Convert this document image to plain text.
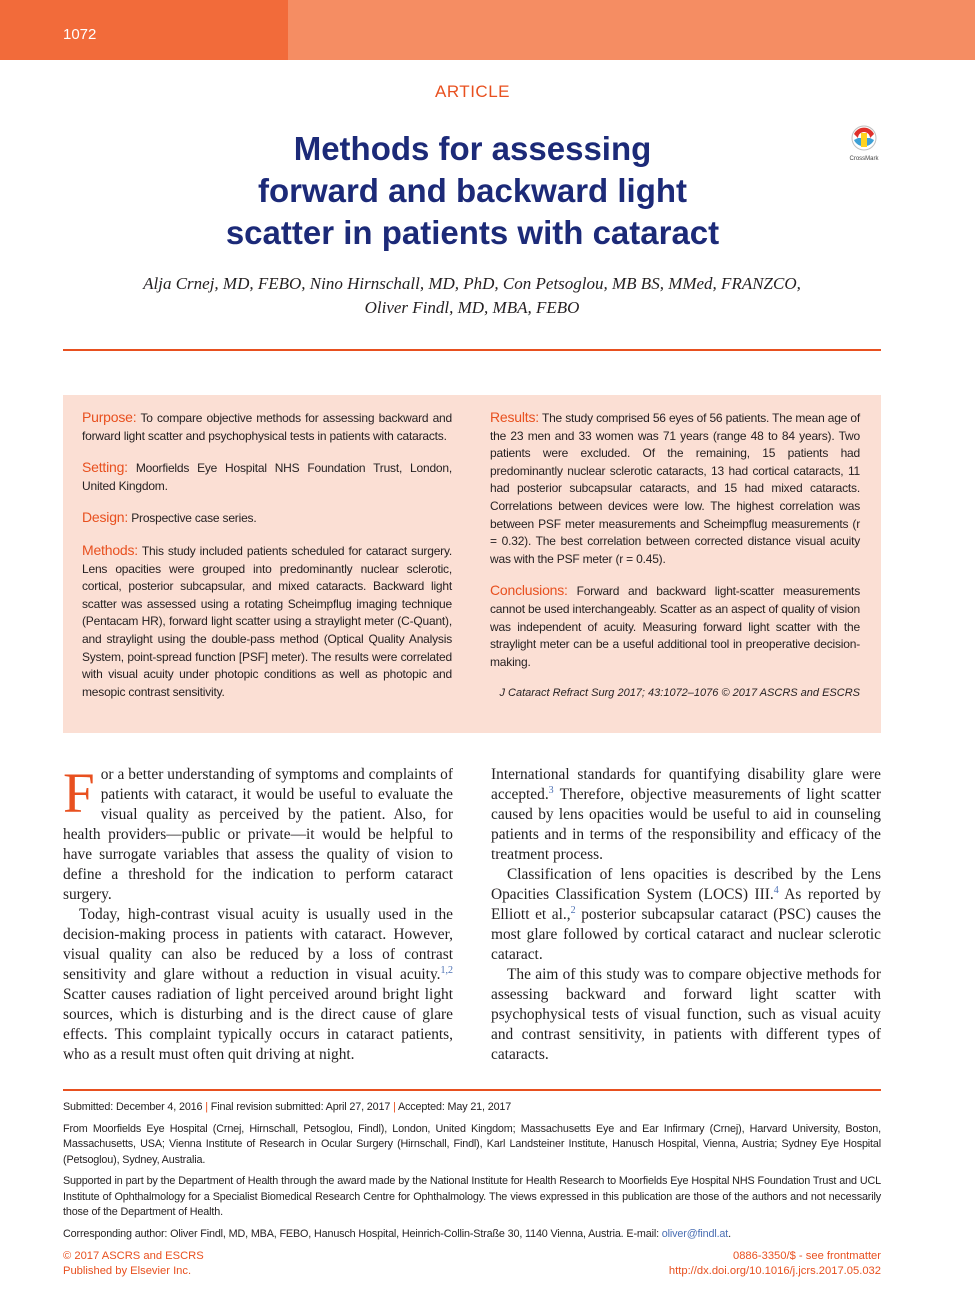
1072
ARTICLE
Methods for assessing
forward and backward light
scatter in patients with cataract
CrossMark
Alja Crnej, MD, FEBO, Nino Hirnschall, MD, PhD, Con Petsoglou, MB BS, MMed, FRANZCO,
Oliver Findl, MD, MBA, FEBO

Purpose: To compare objective methods for assessing backward and forward light scatter and psychophysical tests in patients with cataracts.

Setting: Moorfields Eye Hospital NHS Foundation Trust, London, United Kingdom.

Design: Prospective case series.

Methods: This study included patients scheduled for cataract surgery. Lens opacities were grouped into predominantly nuclear sclerotic, cortical, posterior subcapsular, and mixed cataracts. Backward light scatter was assessed using a rotating Scheimpflug imaging technique (Pentacam HR), forward light scatter using a straylight meter (C-Quant), and straylight using the double-pass method (Optical Quality Analysis System, point-spread function [PSF] meter). The results were correlated with visual acuity under photopic conditions as well as photopic and mesopic contrast sensitivity.

Results: The study comprised 56 eyes of 56 patients. The mean age of the 23 men and 33 women was 71 years (range 48 to 84 years). Two patients were excluded. Of the remaining, 15 patients had predominantly nuclear sclerotic cataracts, 13 had cortical cataracts, 11 had posterior subcapsular cataracts, and 15 had mixed cataracts. Correlations between devices were low. The highest correlation was between PSF meter measurements and Scheimpflug measurements (r = 0.32). The best correlation between corrected distance visual acuity was with the PSF meter (r = 0.45).

Conclusions: Forward and backward light-scatter measurements cannot be used interchangeably. Scatter as an aspect of quality of vision was independent of acuity. Measuring forward light scatter with the straylight meter can be a useful additional tool in preoperative decision-making.

J Cataract Refract Surg 2017; 43:1072–1076 © 2017 ASCRS and ESCRS

For a better understanding of symptoms and complaints of patients with cataract, it would be useful to evaluate the visual quality as perceived by the patient. Also, for health providers—public or private—it would be helpful to have surrogate variables that assess the quality of vision to define a threshold for the indication to perform cataract surgery.

Today, high-contrast visual acuity is usually used in the decision-making process in patients with cataract. However, visual quality can also be reduced by a loss of contrast sensitivity and glare without a reduction in visual acuity.$^{1,2}$ Scatter causes radiation of light perceived around bright light sources, which is disturbing and is the direct cause of glare effects. This complaint typically occurs in cataract patients, who as a result must often quit driving at night.

International standards for quantifying disability glare were accepted.$^3$ Therefore, objective measurements of light scatter caused by lens opacities would be useful to aid in counseling patients and in terms of the responsibility and efficacy of the treatment process.

Classification of lens opacities is described by the Lens Opacities Classification System (LOCS) III.$^4$ As reported by Elliott et al.,$^2$ posterior subcapsular cataract (PSC) causes the most glare followed by cortical cataract and nuclear sclerotic cataract.

The aim of this study was to compare objective methods for assessing backward and forward light scatter with psychophysical tests of visual function, such as visual acuity and contrast sensitivity, in patients with different types of cataracts.

Submitted: December 4, 2016 | Final revision submitted: April 27, 2017 | Accepted: May 21, 2017

From Moorfields Eye Hospital (Crnej, Hirnschall, Petsoglou, Findl), London, United Kingdom; Massachusetts Eye and Ear Infirmary (Crnej), Harvard University, Boston, Massachusetts, USA; Vienna Institute of Research in Ocular Surgery (Hirnschall, Findl), Karl Landsteiner Institute, Hanusch Hospital, Vienna, Austria; Sydney Eye Hospital (Petsoglou), Sydney, Australia.

Supported in part by the Department of Health through the award made by the National Institute for Health Research to Moorfields Eye Hospital NHS Foundation Trust and UCL Institute of Ophthalmology for a Specialist Biomedical Research Centre for Ophthalmology. The views expressed in this publication are those of the authors and not necessarily those of the Department of Health.

Corresponding author: Oliver Findl, MD, MBA, FEBO, Hanusch Hospital, Heinrich-Collin-Straße 30, 1140 Vienna, Austria. E-mail: oliver@findl.at.

© 2017 ASCRS and ESCRS
Published by Elsevier Inc.
0886-3350/$ - see frontmatter
http://dx.doi.org/10.1016/j.jcrs.2017.05.032
